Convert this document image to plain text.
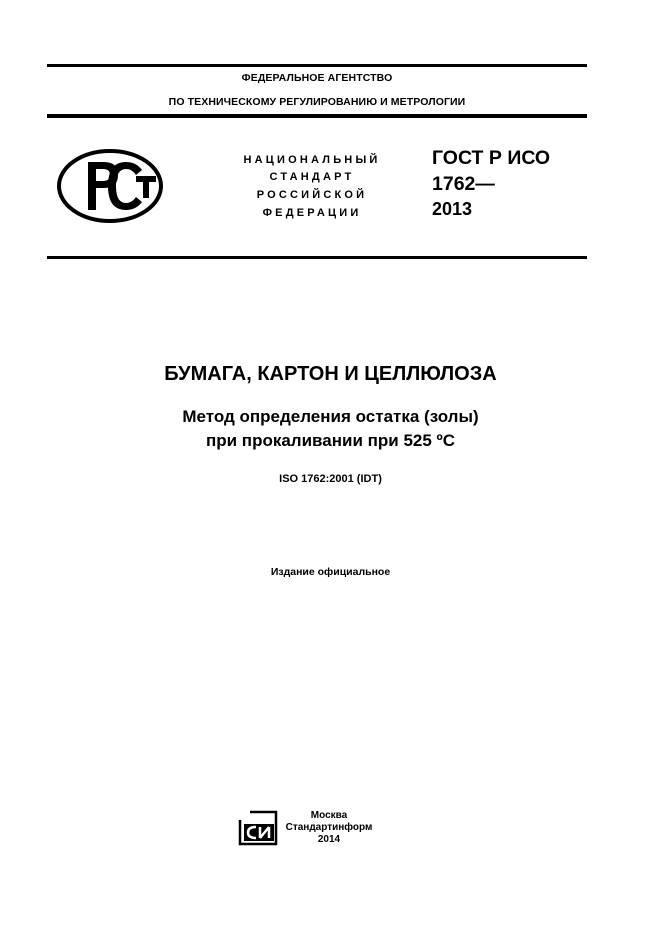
ФЕДЕРАЛЬНОЕ АГЕНТСТВО
ПО ТЕХНИЧЕСКОМУ РЕГУЛИРОВАНИЮ И МЕТРОЛОГИИ
НАЦИОНАЛЬНЫЙ
СТАНДАРТ
РОССИЙСКОЙ
ФЕДЕРАЦИИ
ГОСТ Р ИСО
1762—
2013
БУМАГА, КАРТОН И ЦЕЛЛЮЛОЗА
Метод определения остатка (золы)
при прокаливании при 525 ºС
ISO 1762:2001 (IDT)
Издание официальное
Москва
Стандартинформ
2014
